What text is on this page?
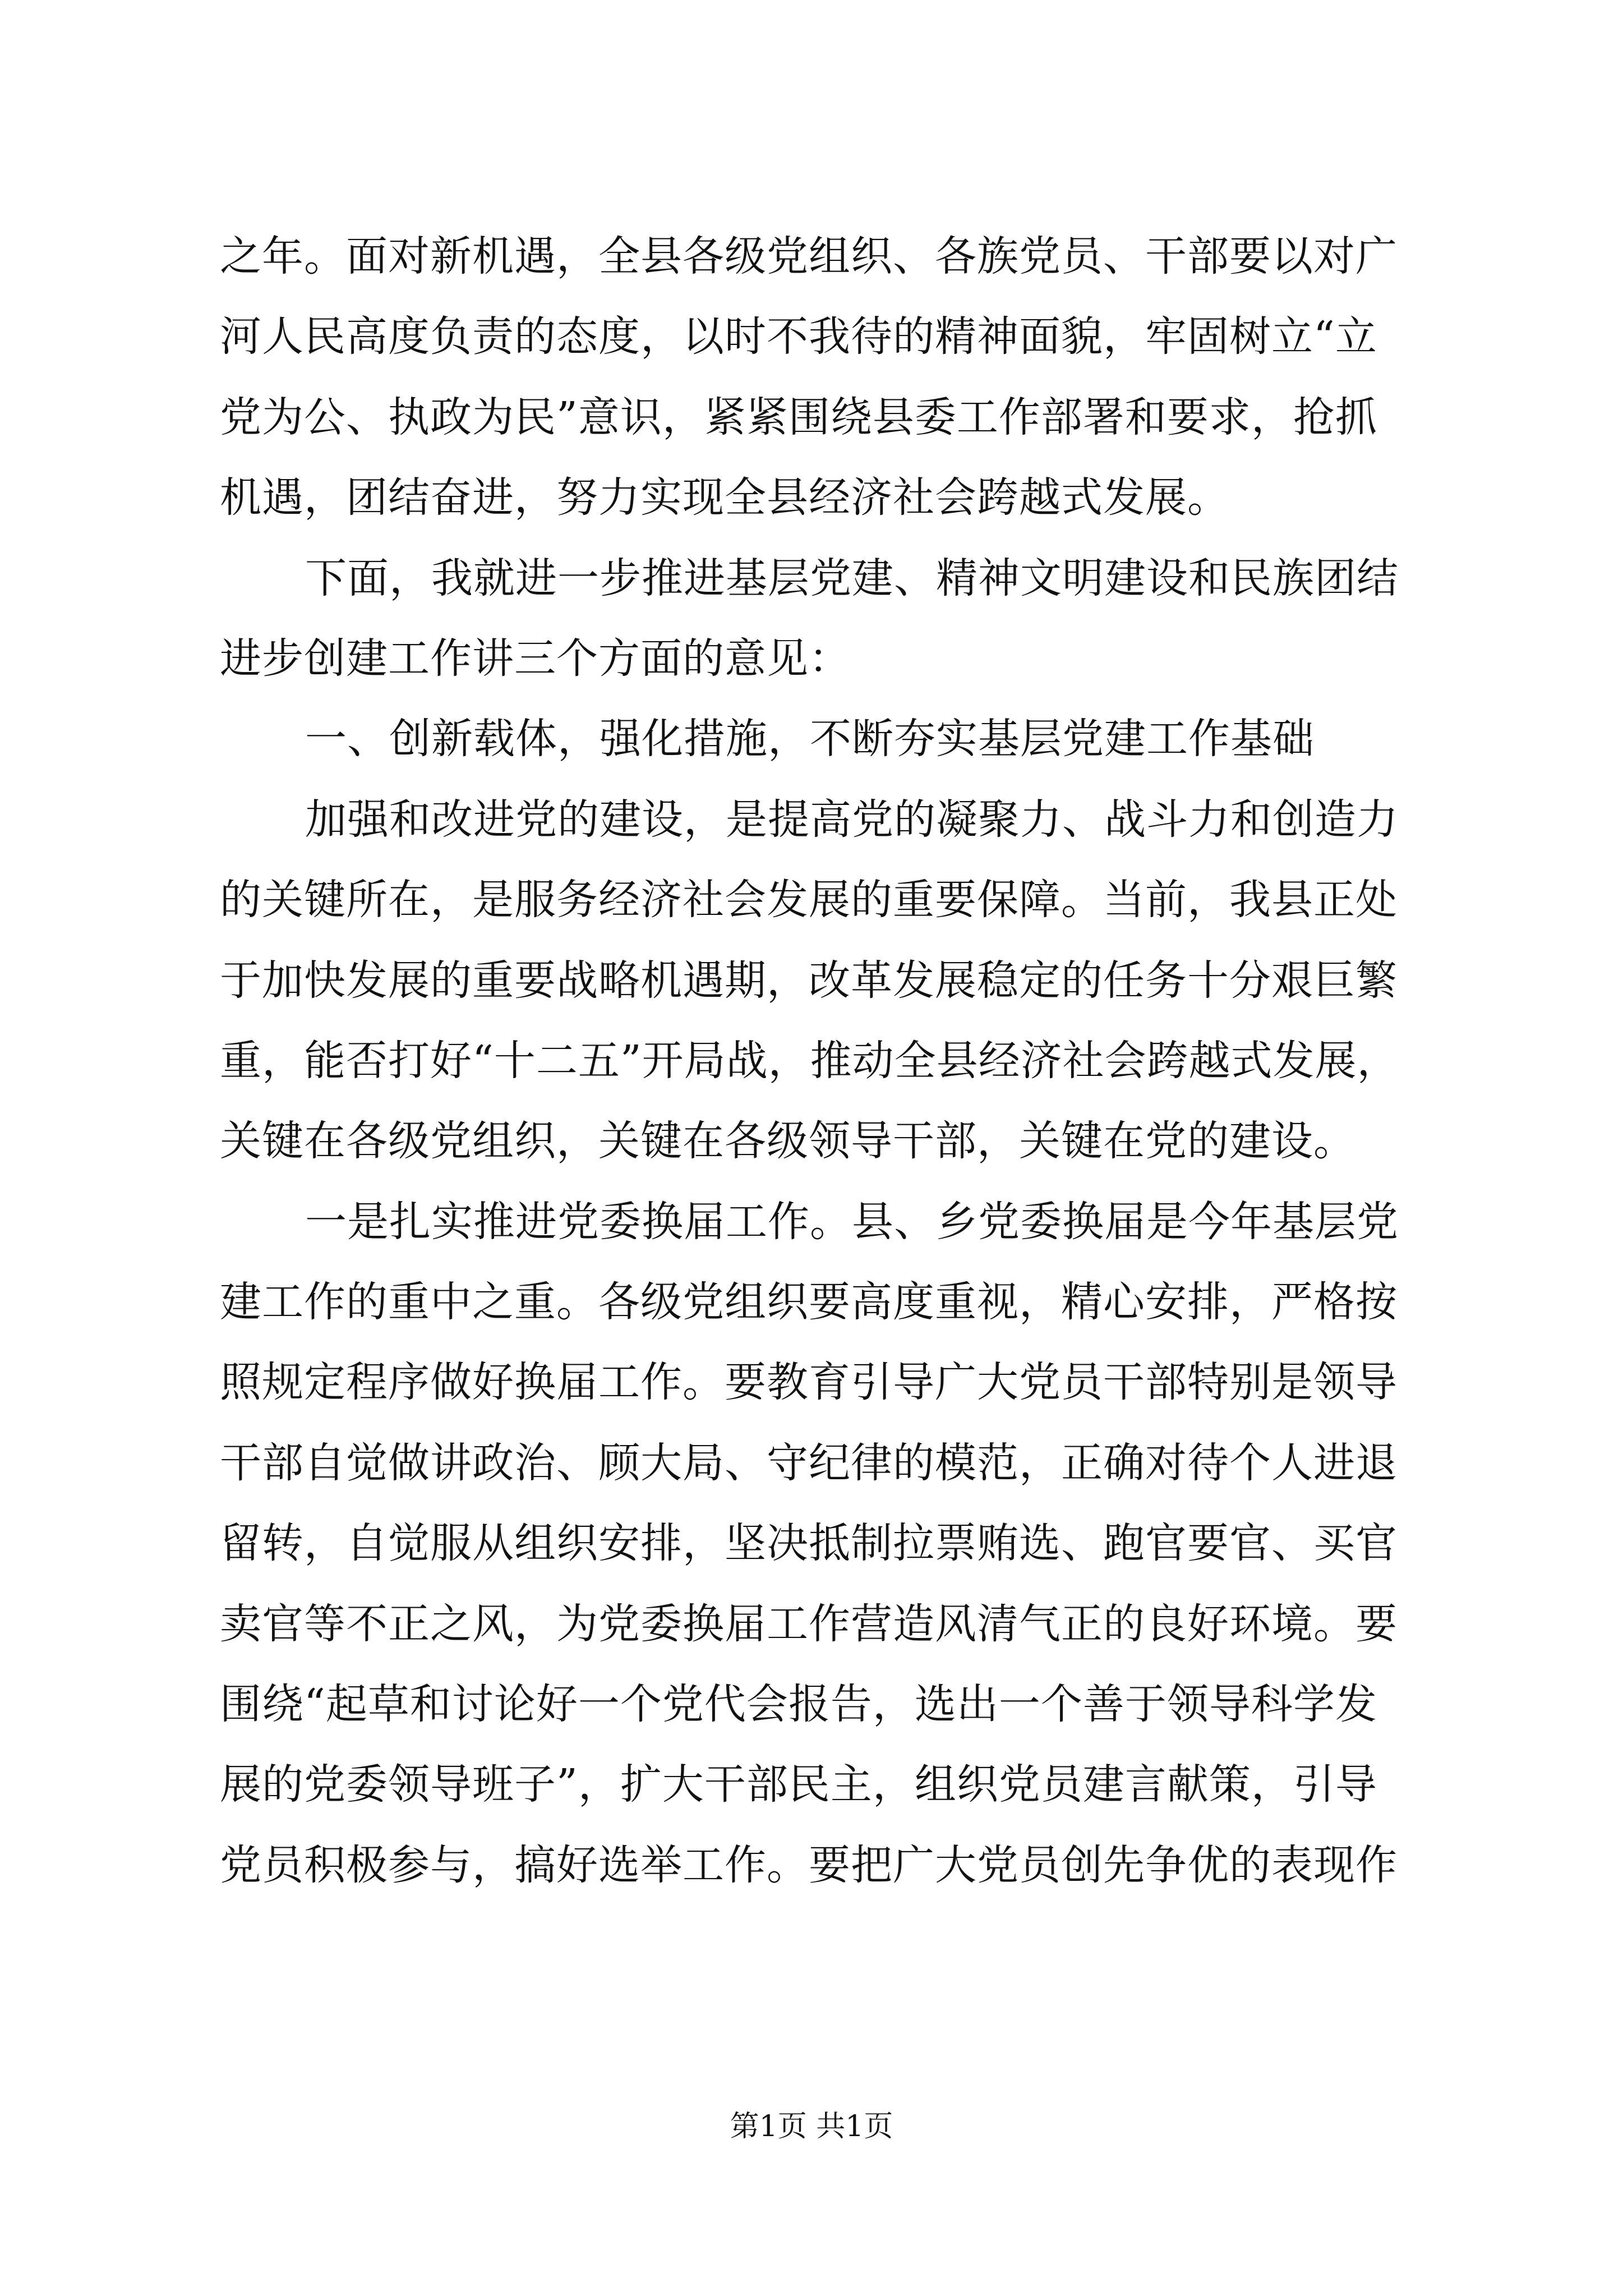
之年。面对新机遇，全县各级党组织、各族党员、干部要以对广
河人民高度负责的态度，以时不我待的精神面貌，牢固树立“立
党为公、执政为民”意识，紧紧围绕县委工作部署和要求，抢抓
机遇，团结奋进，努力实现全县经济社会跨越式发展。
下面，我就进一步推进基层党建、精神文明建设和民族团结
进步创建工作讲三个方面的意见：
一、创新载体，强化措施，不断夯实基层党建工作基础
加强和改进党的建设，是提高党的凝聚力、战斗力和创造力
的关键所在，是服务经济社会发展的重要保障。当前，我县正处
于加快发展的重要战略机遇期，改革发展稳定的任务十分艰巨繁
重，能否打好“十二五”开局战，推动全县经济社会跨越式发展，
关键在各级党组织，关键在各级领导干部，关键在党的建设。
一是扎实推进党委换届工作。县、乡党委换届是今年基层党
建工作的重中之重。各级党组织要高度重视，精心安排，严格按
照规定程序做好换届工作。要教育引导广大党员干部特别是领导
干部自觉做讲政治、顾大局、守纪律的模范，正确对待个人进退
留转，自觉服从组织安排，坚决抵制拉票贿选、跑官要官、买官
卖官等不正之风，为党委换届工作营造风清气正的良好环境。要
围绕“起草和讨论好一个党代会报告，选出一个善于领导科学发
展的党委领导班子”，扩大干部民主，组织党员建言献策，引导
党员积极参与，搞好选举工作。要把广大党员创先争优的表现作
第1页 共1页
